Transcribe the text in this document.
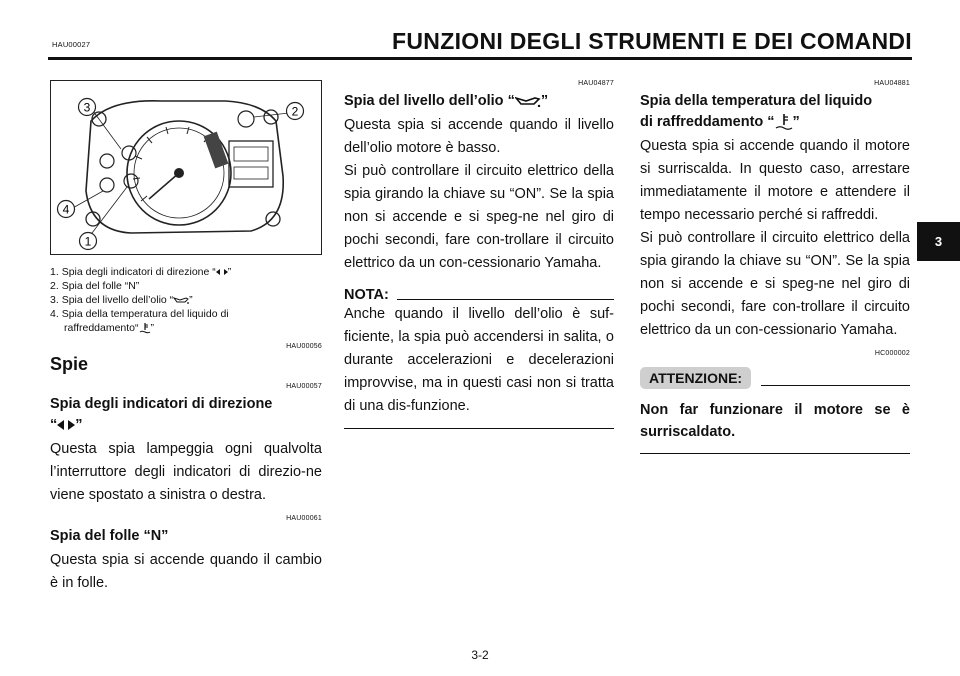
HAU00027	FUNZIONI DEGLI STRUMENTI E DEI COMANDI
3
3	2
4
1
1. Spia degli indicatori di direzione “ ”
2. Spia del folle “N”
3. Spia del livello dell’olio “ ”
4. Spia della temperatura del liquido di
raffreddamento“ ”
HAU00056
Spie
HAU00057
Spia degli indicatori di direzione
“ ”

Questa spia lampeggia ogni qualvolta l’interruttore degli indicatori di direzio-ne viene spostato a sinistra o destra.

HAU00061
Spia del folle “N”

Questa spia si accende quando il cambio è in folle.

HAU04877
Spia del livello dell’olio “ ”

Questa spia si accende quando il livello dell’olio motore è basso.

Si può controllare il circuito elettrico della spia girando la chiave su “ON”. Se la spia non si accende e si speg-ne nel giro di pochi secondi, fare con-trollare il circuito elettrico da un con-cessionario Yamaha.

NOTA:

Anche quando il livello dell’olio è suf-ficiente, la spia può accendersi in salita, o durante accelerazioni e decelerazioni improvvise, ma in questi casi non si tratta di una dis-funzione.

HAU04881
Spia della temperatura del liquido
di raffreddamento “ ”

Questa spia si accende quando il motore si surriscalda. In questo caso, arrestare immediatamente il motore e attendere il tempo necessario perché si raffreddi.

Si può controllare il circuito elettrico della spia girando la chiave su “ON”. Se la spia non si accende e si speg-ne nel giro di pochi secondi, fare con-trollare il circuito elettrico da un con-cessionario Yamaha.

HC000002
ATTENZIONE:
Non far funzionare il motore se è surriscaldato.
3-2
